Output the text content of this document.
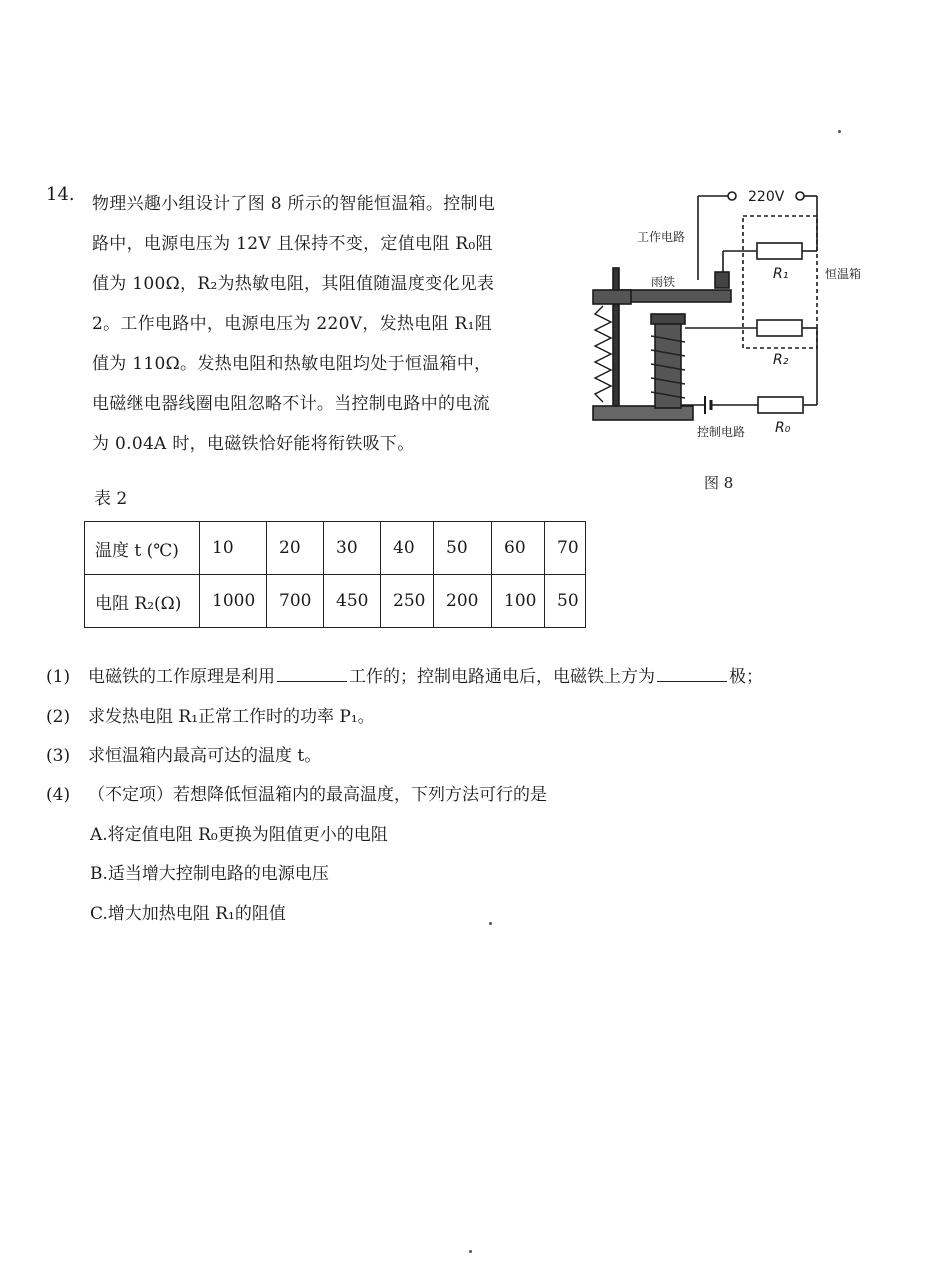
14. 物理兴趣小组设计了图 8 所示的智能恒温箱。控制电
路中，电源电压为 12V 且保持不变，定值电阻 R₀阻
值为 100Ω，R₂为热敏电阻，其阻值随温度变化见表
2。工作电路中，电源电压为 220V，发热电阻 R₁阻
值为 110Ω。发热电阻和热敏电阻均处于恒温箱中，
电磁继电器线圈电阻忽略不计。当控制电路中的电流
为 0.04A 时，电磁铁恰好能将衔铁吸下。
220V
R₁	恒温箱
工作电路
雨铁
R₂
控制电路 R₀
图 8
表 2
温度 t (℃)	10	20	30	40	50	60	70
电阻 R₂(Ω)	1000	700	450	250	200	100	50
(1) 电磁铁的工作原理是利用	工作的；控制电路通电后，电磁铁上方为	极；
(2) 求发热电阻 R₁正常工作时的功率 P₁。
(3) 求恒温箱内最高可达的温度 t。
(4) （不定项）若想降低恒温箱内的最高温度，下列方法可行的是
A.将定值电阻 R₀更换为阻值更小的电阻
B.适当增大控制电路的电源电压
C.增大加热电阻 R₁的阻值
